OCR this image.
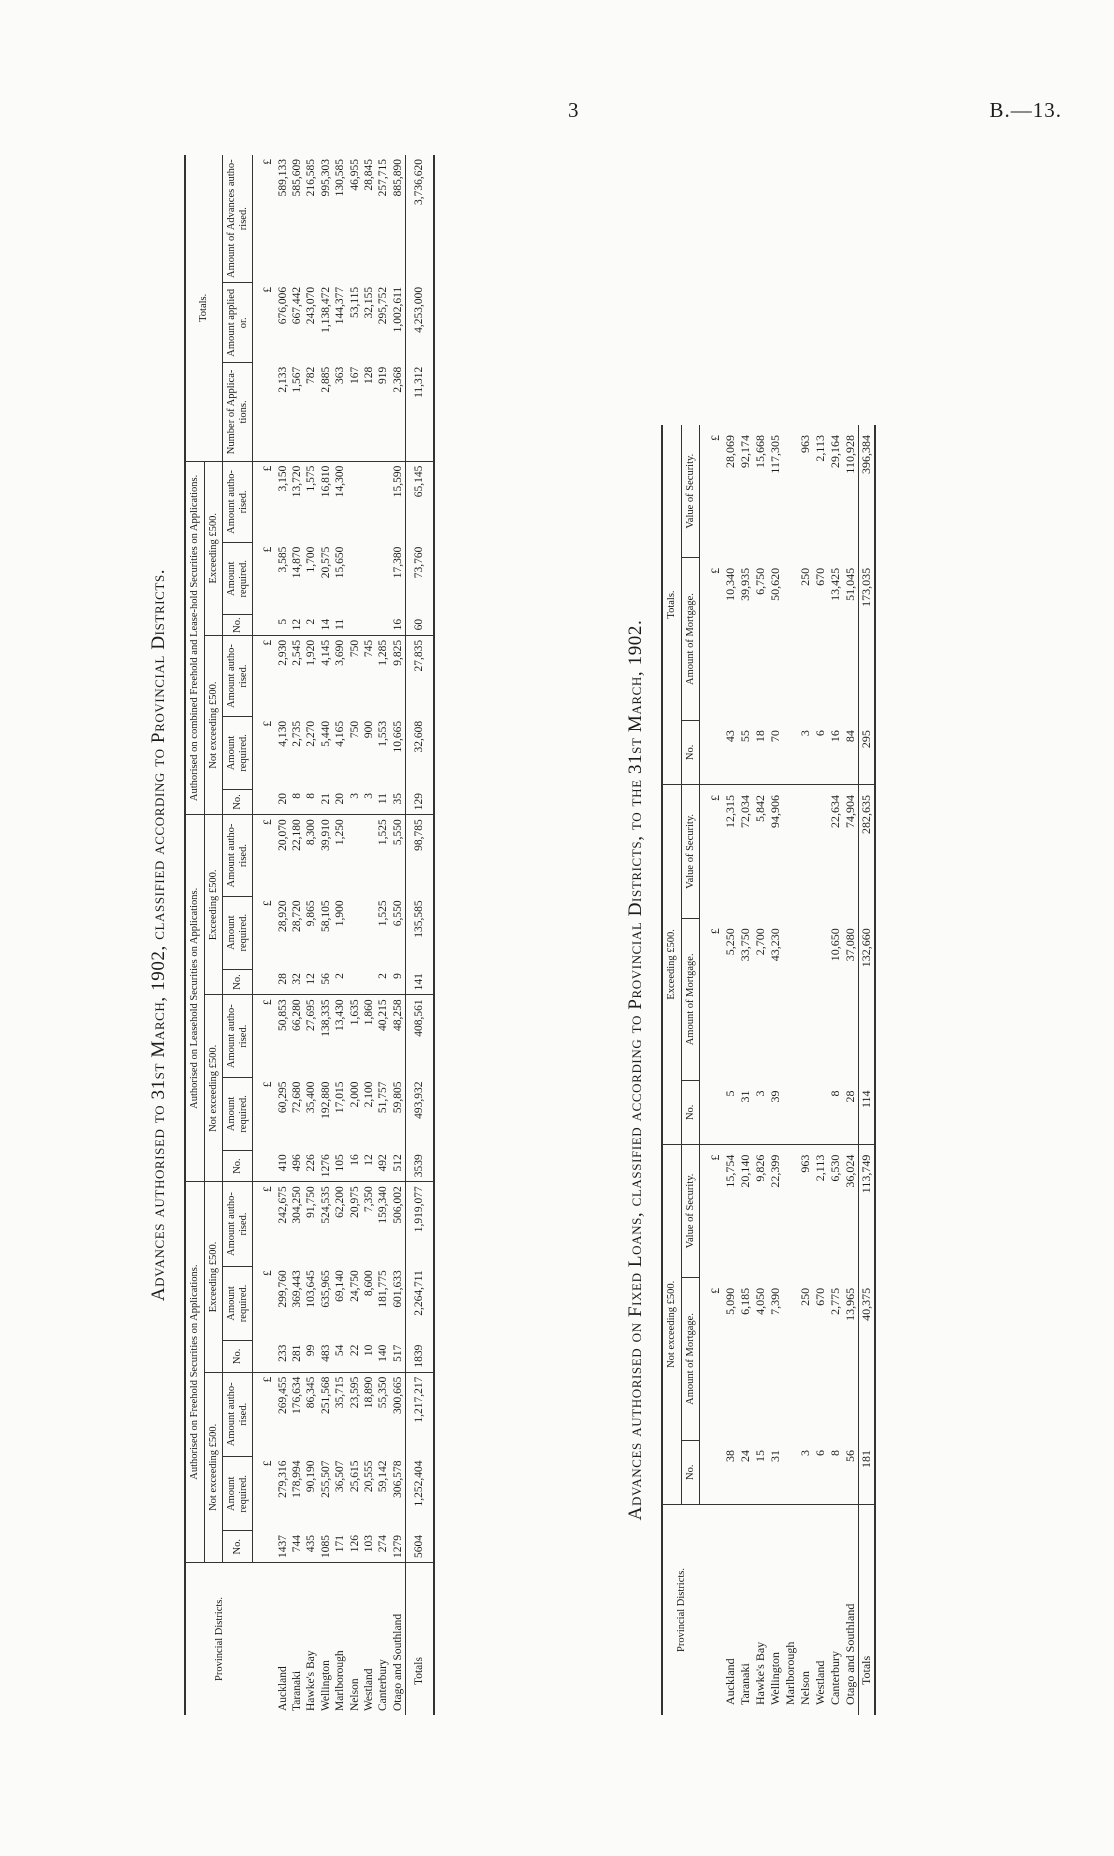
3	B.—13.
Advances authorised to 31st March, 1902, classified according to Provincial Districts.
Provincial Districts.	Authorised on Freehold Securities on Applications.						Authorised on Leasehold Securities on Applications.						Authorised on combined Freehold and Lease-hold Securities on Applications.						Totals.		
	Not exceeding £500.			Exceeding £500.			Not exceeding £500.			Exceeding £500.			Not exceeding £500.			Exceeding £500.					
	No.	Amount required.	Amount autho-rised.	No.	Amount required.	Amount autho-rised.	No.	Amount required.	Amount autho-rised.	No.	Amount required.	Amount autho-rised.	No.	Amount required.	Amount autho-rised.	No.	Amount required.	Amount autho-rised.	Number of Applica-tions.	Amount applied or.	Amount of Advances autho-rised.
		£	£		£	£		£	£		£	£		£	£		£	£		£	£
Auckland	1437	279,316	269,455	233	299,760	242,675	410	60,295	50,853	28	28,920	20,070	20	4,130	2,930	5	3,585	3,150	2,133	676,006	589,133
Taranaki	744	178,994	176,634	281	369,443	304,250	496	72,680	66,280	32	28,720	22,180	8	2,735	2,545	12	14,870	13,720	1,567	667,442	585,609
Hawke's Bay	435	90,190	86,345	99	103,645	91,750	226	35,400	27,695	12	9,865	8,300	8	2,270	1,920	2	1,700	1,575	782	243,070	216,585
Wellington	1085	255,507	251,568	483	635,965	524,535	1276	192,880	138,335	56	58,105	39,910	21	5,440	4,145	14	20,575	16,810	2,885	1,138,472	995,303
Marlborough	171	36,507	35,715	54	69,140	62,200	105	17,015	13,430	2	1,900	1,250	20	4,165	3,690	11	15,650	14,300	363	144,377	130,585
Nelson	126	25,615	23,595	22	24,750	20,975	16	2,000	1,635				3	750	750				167	53,115	46,955
Westland	103	20,555	18,890	10	8,600	7,350	12	2,100	1,860				3	900	745				128	32,155	28,845
Canterbury	274	59,142	55,350	140	181,775	159,340	492	51,757	40,215	2	1,525	1,525	11	1,553	1,285				919	295,752	257,715
Otago and Southland	1279	306,578	300,665	517	601,633	506,002	512	59,805	48,258	9	6,550	5,550	35	10,665	9,825	16	17,380	15,590	2,368	1,002,611	885,890
Totals	5604	1,252,404	1,217,217	1839	2,264,711	1,919,077	3539	493,932	408,561	141	135,585	98,785	129	32,608	27,835	60	73,760	65,145	11,312	4,253,000	3,736,620
Advances authorised on Fixed Loans, classified according to Provincial Districts, to the 31st March, 1902.
Provincial Districts.	Not exceeding £500.			Exceeding £500.			Totals.		
	No.	Amount of Mortgage.	Value of Security.	No.	Amount of Mortgage.	Value of Security.	No.	Amount of Mortgage.	Value of Security.
		£	£		£	£		£	£
Auckland	38	5,090	15,754	5	5,250	12,315	43	10,340	28,069
Taranaki	24	6,185	20,140	31	33,750	72,034	55	39,935	92,174
Hawke's Bay	15	4,050	9,826	3	2,700	5,842	18	6,750	15,668
Wellington	31	7,390	22,399	39	43,230	94,906	70	50,620	117,305
Marlborough									
Nelson	3	250	963				3	250	963
Westland	6	670	2,113				6	670	2,113
Canterbury	8	2,775	6,530	8	10,650	22,634	16	13,425	29,164
Otago and Southland	56	13,965	36,024	28	37,080	74,904	84	51,045	110,928
Totals	181	40,375	113,749	114	132,660	282,635	295	173,035	396,384
